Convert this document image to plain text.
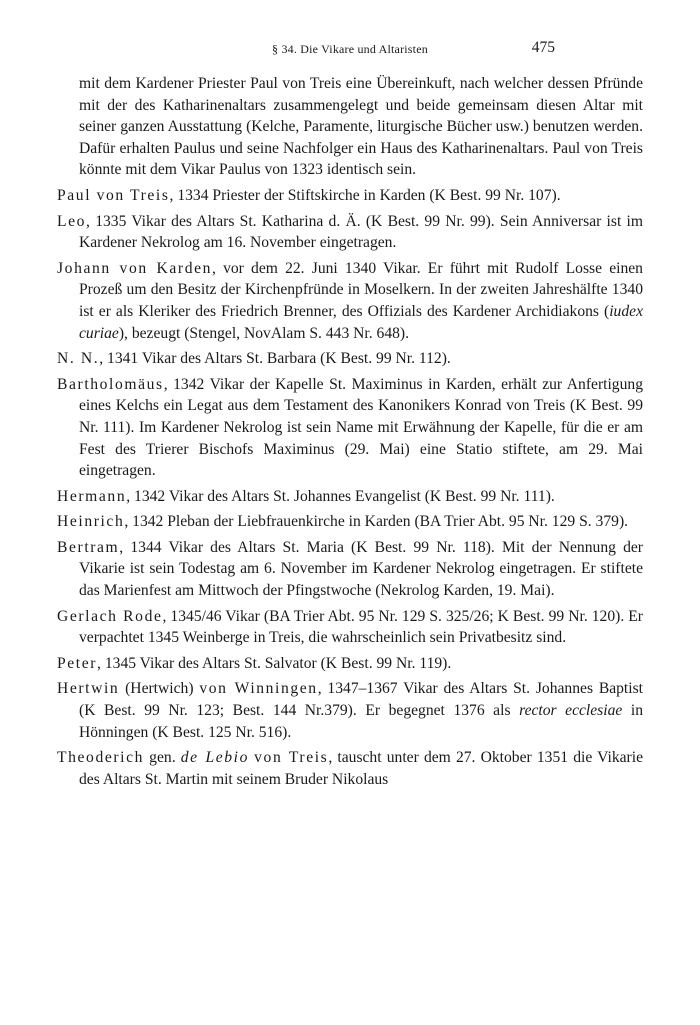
§ 34. Die Vikare und Altaristen	475

mit dem Kardener Priester Paul von Treis eine Übereinkuft, nach welcher dessen Pfründe mit der des Katharinenaltars zusammengelegt und beide gemeinsam diesen Altar mit seiner ganzen Ausstattung (Kelche, Paramente, liturgische Bücher usw.) benutzen werden. Dafür erhalten Paulus und seine Nachfolger ein Haus des Katharinenaltars. Paul von Treis könnte mit dem Vikar Paulus von 1323 identisch sein.

Paul von Treis, 1334 Priester der Stiftskirche in Karden (K Best. 99 Nr. 107).

Leo, 1335 Vikar des Altars St. Katharina d. Ä. (K Best. 99 Nr. 99). Sein Anniversar ist im Kardener Nekrolog am 16. November eingetragen.

Johann von Karden, vor dem 22. Juni 1340 Vikar. Er führt mit Rudolf Losse einen Prozeß um den Besitz der Kirchenpfründe in Moselkern. In der zweiten Jahreshälfte 1340 ist er als Kleriker des Friedrich Brenner, des Offizials des Kardener Archidiakons (iudex curiae), bezeugt (Stengel, NovAlam S. 443 Nr. 648).

N. N., 1341 Vikar des Altars St. Barbara (K Best. 99 Nr. 112).

Bartholomäus, 1342 Vikar der Kapelle St. Maximinus in Karden, erhält zur Anfertigung eines Kelchs ein Legat aus dem Testament des Kanonikers Konrad von Treis (K Best. 99 Nr. 111). Im Kardener Nekrolog ist sein Name mit Erwähnung der Kapelle, für die er am Fest des Trierer Bischofs Maximinus (29. Mai) eine Statio stiftete, am 29. Mai eingetragen.

Hermann, 1342 Vikar des Altars St. Johannes Evangelist (K Best. 99 Nr. 111).

Heinrich, 1342 Pleban der Liebfrauenkirche in Karden (BA Trier Abt. 95 Nr. 129 S. 379).

Bertram, 1344 Vikar des Altars St. Maria (K Best. 99 Nr. 118). Mit der Nennung der Vikarie ist sein Todestag am 6. November im Kardener Nekrolog eingetragen. Er stiftete das Marienfest am Mittwoch der Pfingstwoche (Nekrolog Karden, 19. Mai).

Gerlach Rode, 1345/46 Vikar (BA Trier Abt. 95 Nr. 129 S. 325/26; K Best. 99 Nr. 120). Er verpachtet 1345 Weinberge in Treis, die wahrscheinlich sein Privatbesitz sind.

Peter, 1345 Vikar des Altars St. Salvator (K Best. 99 Nr. 119).

Hertwin (Hertwich) von Winningen, 1347–1367 Vikar des Altars St. Johannes Baptist (K Best. 99 Nr. 123; Best. 144 Nr.379). Er begegnet 1376 als rector ecclesiae in Hönningen (K Best. 125 Nr. 516).

Theoderich gen. de Lebio von Treis, tauscht unter dem 27. Oktober 1351 die Vikarie des Altars St. Martin mit seinem Bruder Nikolaus
